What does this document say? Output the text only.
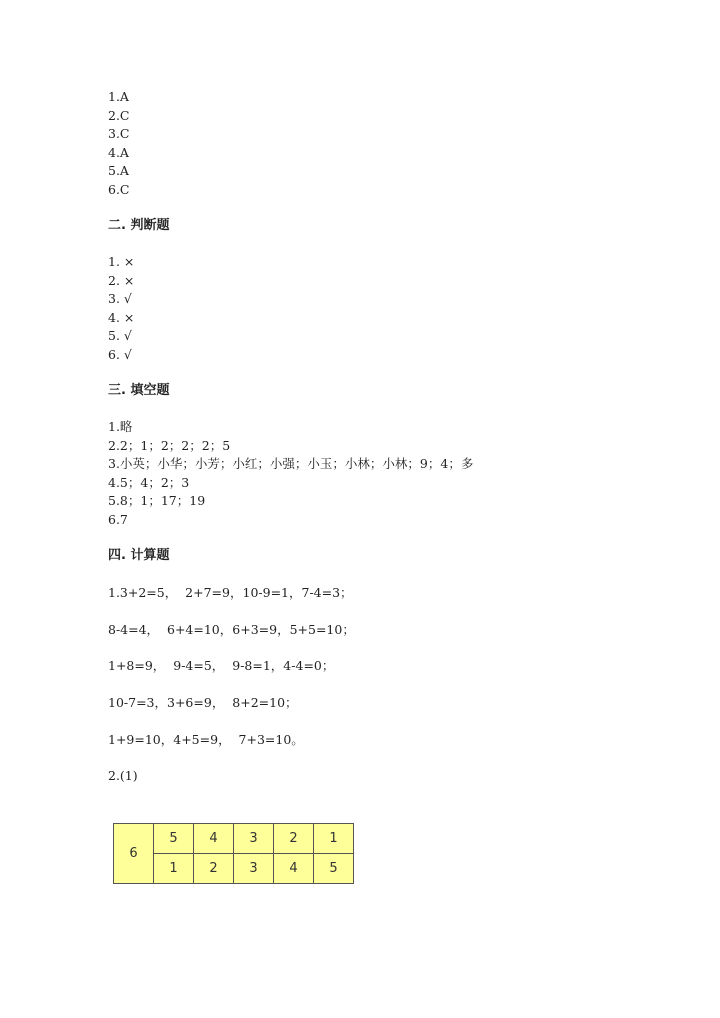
1.A
2.C
3.C
4.A
5.A
6.C
二. 判断题
1. ×
2. ×
3. √
4. ×
5. √
6. √
三. 填空题
1.略
2.2；1；2；2；2；5
3.小英；小华；小芳；小红；小强；小玉；小林；小林；9；4；多
4.5；4；2；3
5.8；1；17；19
6.7
四. 计算题
1.3+2=5，  2+7=9，10-9=1，7-4=3；
8-4=4，  6+4=10，6+3=9，5+5=10；
1+8=9，  9-4=5，  9-8=1，4-4=0；
10-7=3，3+6=9，  8+2=10；
1+9=10，4+5=9，  7+3=10。
2.(1)
6	5	4	3	2	1
	1	2	3	4	5
